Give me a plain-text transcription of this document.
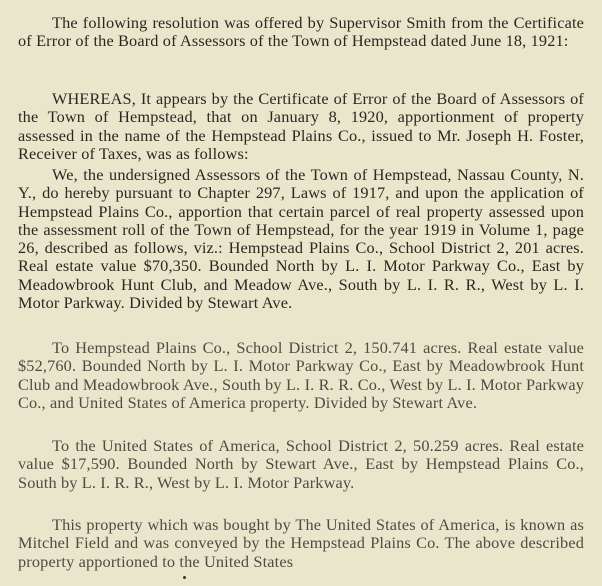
The following resolution was offered by Supervisor Smith from the Certificate of Error of the Board of Assessors of the Town of Hempstead dated June 18, 1921:

WHEREAS, It appears by the Certificate of Error of the Board of Assessors of the Town of Hempstead, that on January 8, 1920, apportionment of property assessed in the name of the Hempstead Plains Co., issued to Mr. Joseph H. Foster, Receiver of Taxes, was as follows:

We, the undersigned Assessors of the Town of Hempstead, Nassau County, N. Y., do hereby pursuant to Chapter 297, Laws of 1917, and upon the application of Hempstead Plains Co., apportion that certain parcel of real property assessed upon the assessment roll of the Town of Hempstead, for the year 1919 in Volume 1, page 26, described as follows, viz.: Hempstead Plains Co., School District 2, 201 acres. Real estate value $70,350. Bounded North by L. I. Motor Parkway Co., East by Meadowbrook Hunt Club, and Meadow Ave., South by L. I. R. R., West by L. I. Motor Parkway. Divided by Stewart Ave.

To Hempstead Plains Co., School District 2, 150.741 acres. Real estate value $52,760. Bounded North by L. I. Motor Parkway Co., East by Meadowbrook Hunt Club and Meadowbrook Ave., South by L. I. R. R. Co., West by L. I. Motor Parkway Co., and United States of America property. Divided by Stewart Ave.

To the United States of America, School District 2, 50.259 acres. Real estate value $17,590. Bounded North by Stewart Ave., East by Hempstead Plains Co., South by L. I. R. R., West by L. I. Motor Parkway.

This property which was bought by The United States of America, is known as Mitchel Field and was conveyed by the Hempstead Plains Co. The above described property apportioned to the United States
